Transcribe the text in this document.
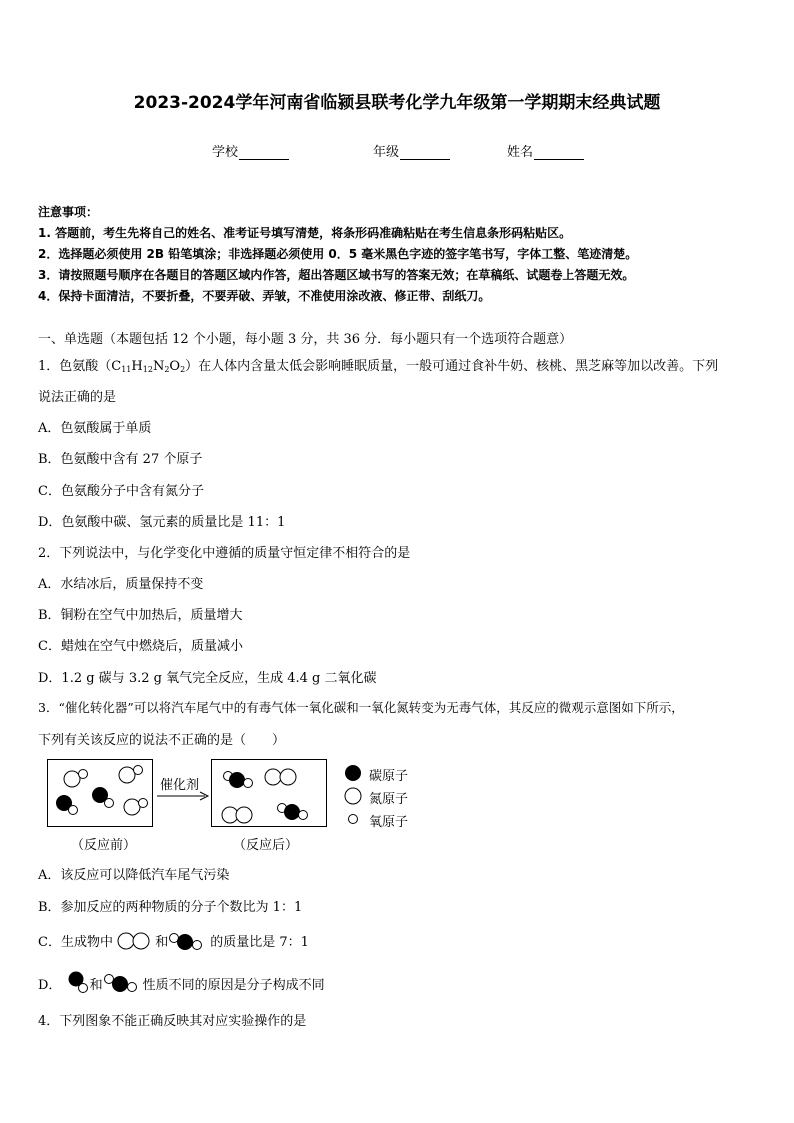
2023-2024学年河南省临颍县联考化学九年级第一学期期末经典试题
学校	年级	姓名
注意事项：
1. 答题前，考生先将自己的姓名、准考证号填写清楚，将条形码准确粘贴在考生信息条形码粘贴区。
2．选择题必须使用 2B 铅笔填涂；非选择题必须使用 0．5 毫米黑色字迹的签字笔书写，字体工整、笔迹清楚。
3．请按照题号顺序在各题目的答题区域内作答，超出答题区域书写的答案无效；在草稿纸、试题卷上答题无效。
4．保持卡面清洁，不要折叠，不要弄破、弄皱，不准使用涂改液、修正带、刮纸刀。
一、单选题（本题包括 12 个小题，每小题 3 分，共 36 分．每小题只有一个选项符合题意）
1．色氨酸$(C_{11}H_{12}N_2O_2)$在人体内含量太低会影响睡眠质量，一般可通过食补牛奶、核桃、黑芝麻等加以改善。下列
说法正确的是
A．色氨酸属于单质
B．色氨酸中含有 27 个原子
C．色氨酸分子中含有氮分子
D．色氨酸中碳、氢元素的质量比是 11：1
2．下列说法中，与化学变化中遵循的质量守恒定律不相符合的是
A．水结冰后，质量保持不变
B．铜粉在空气中加热后，质量增大
C．蜡烛在空气中燃烧后，质量减小
D．1.2 g 碳与 3.2 g 氧气完全反应，生成 4.4 g 二氧化碳
3．“催化转化器”可以将汽车尾气中的有毒气体一氧化碳和一氧化氮转变为无毒气体，其反应的微观示意图如下所示，
下列有关该反应的说法不正确的是（　　）
催化剂
（反应前）	（反应后）
碳原子
氮原子
氧原子
A．该反应可以降低汽车尾气污染
B．参加反应的两种物质的分子个数比为 1：1
C．生成物中	和	的质量比是 7：1
D． 和	性质不同的原因是分子构成不同
4．下列图象不能正确反映其对应实验操作的是
